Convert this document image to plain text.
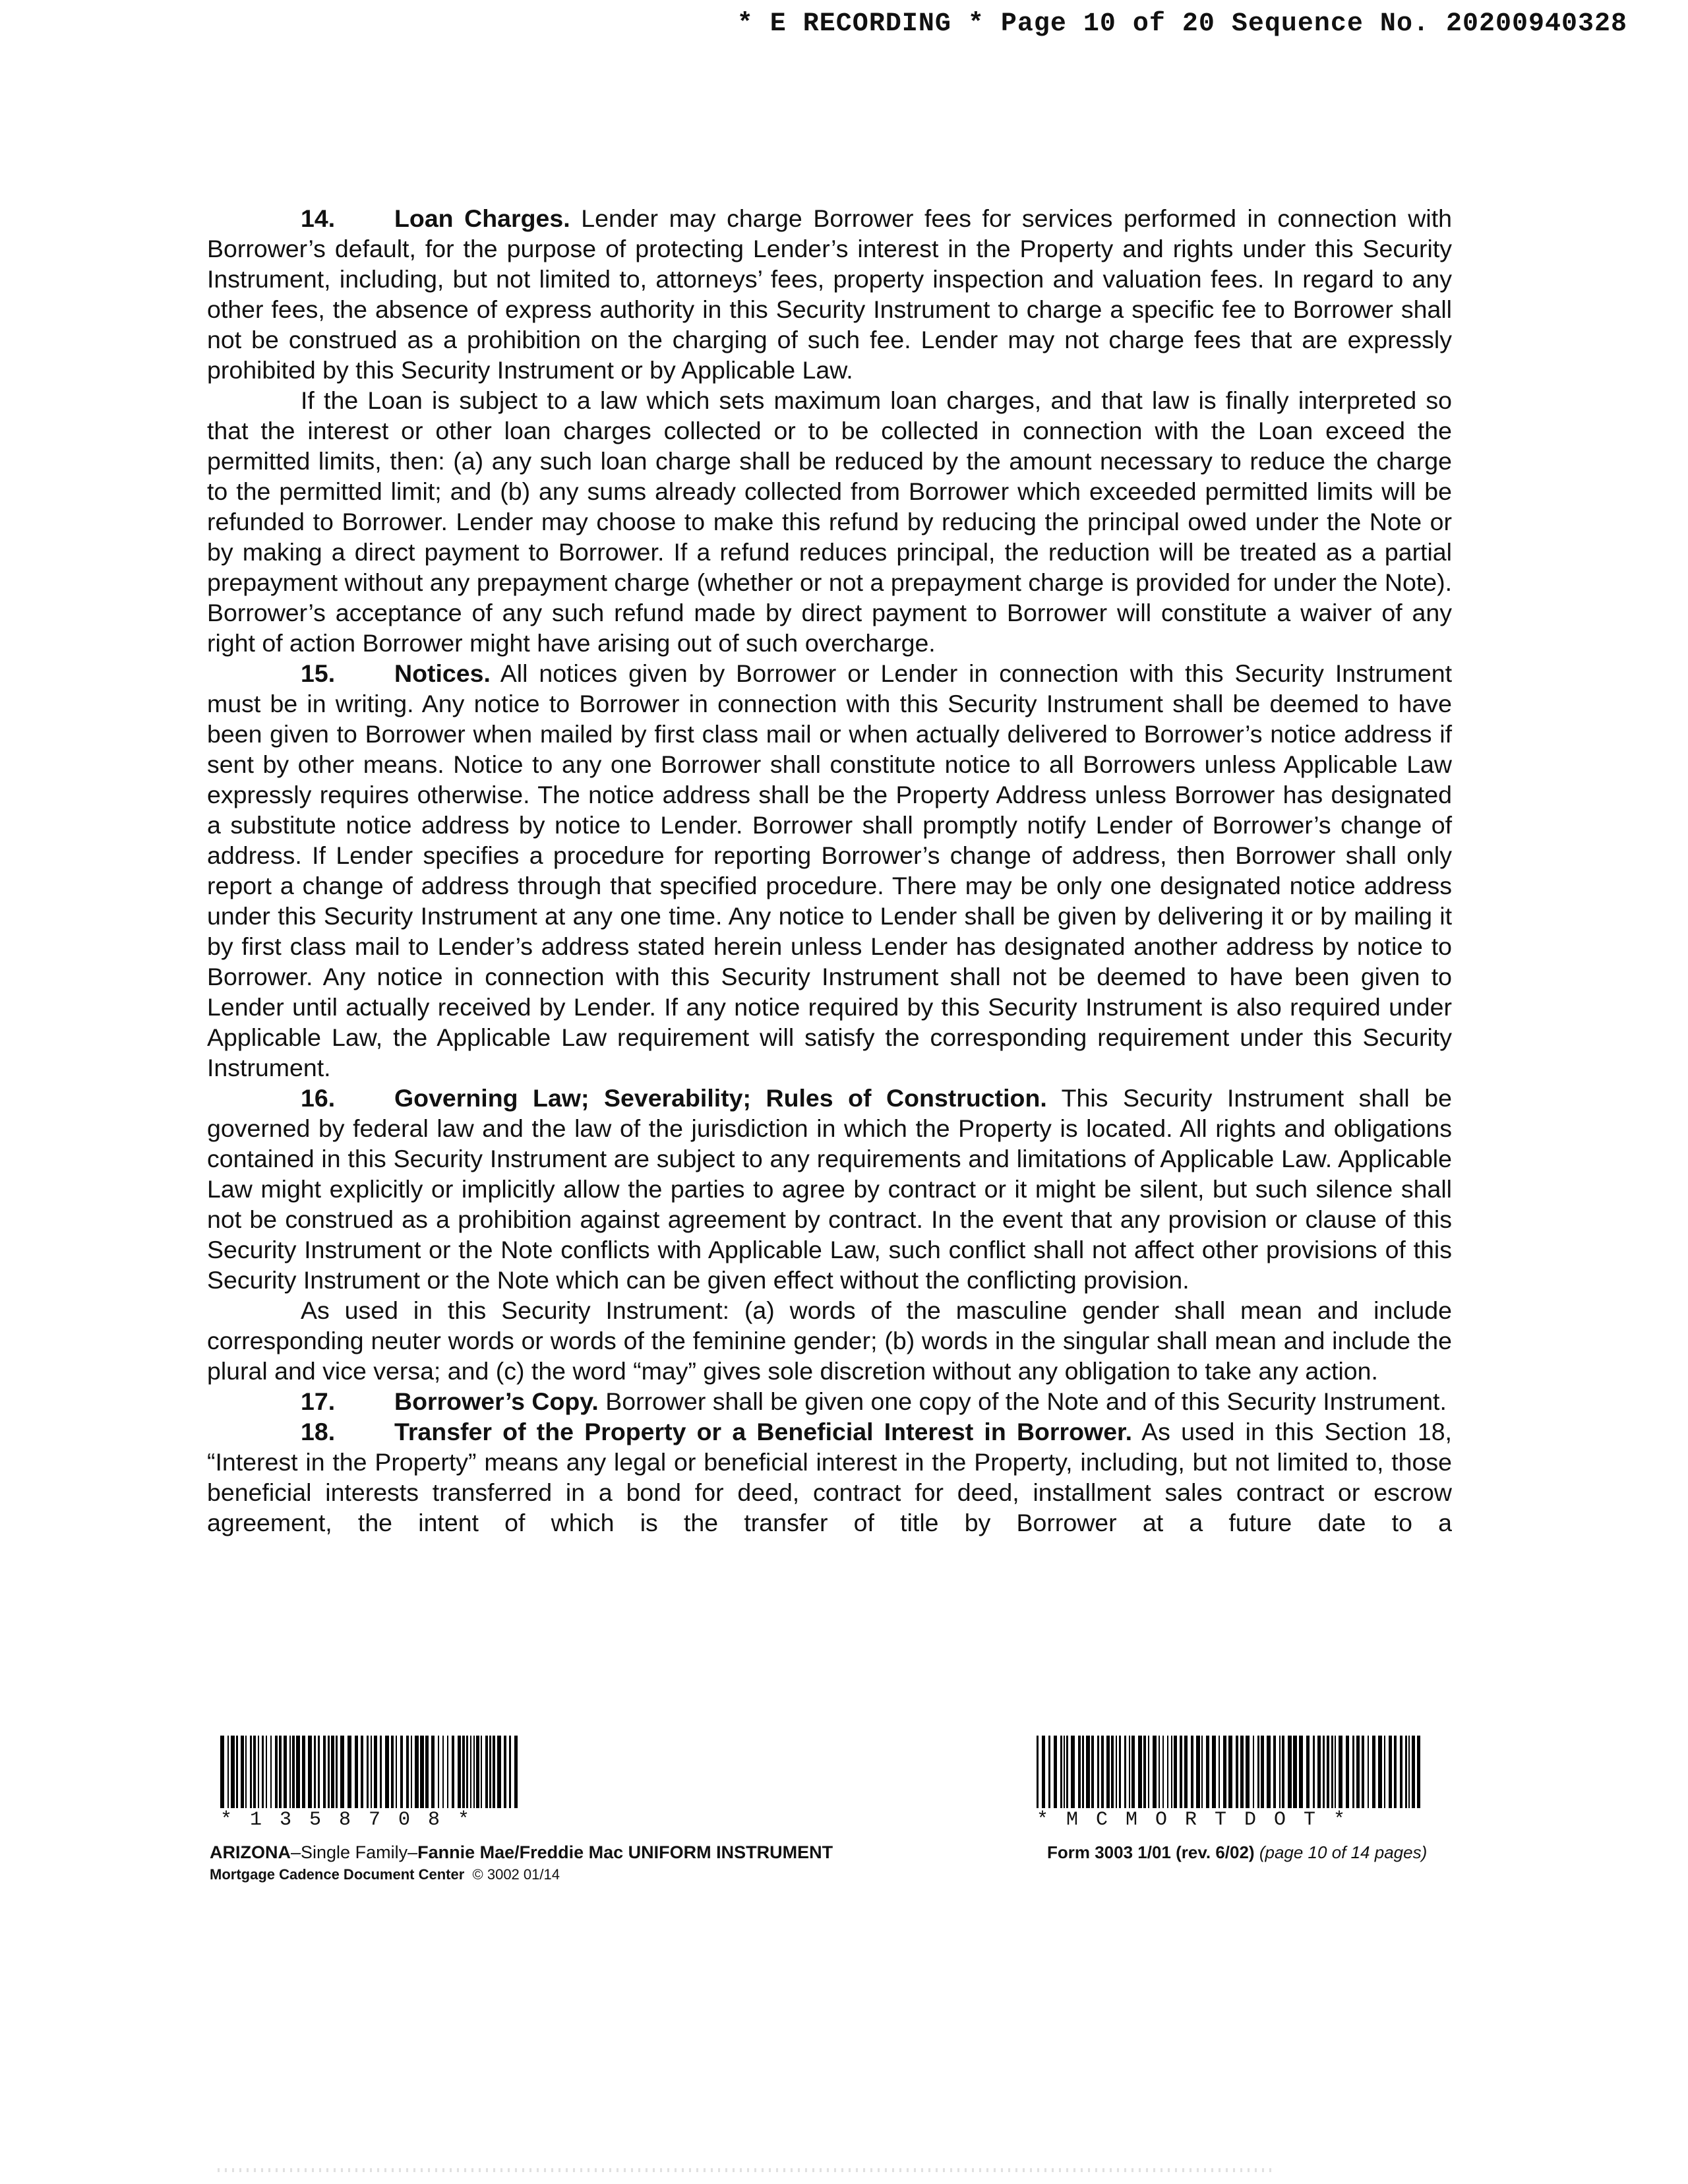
* E RECORDING * Page 10 of 20 Sequence No. 20200940328

14. Loan Charges. Lender may charge Borrower fees for services performed in connection with Borrower’s default, for the purpose of protecting Lender’s interest in the Property and rights under this Security Instrument, including, but not limited to, attorneys’ fees, property inspection and valuation fees. In regard to any other fees, the absence of express authority in this Security Instrument to charge a specific fee to Borrower shall not be construed as a prohibition on the charging of such fee. Lender may not charge fees that are expressly prohibited by this Security Instrument or by Applicable Law.

If the Loan is subject to a law which sets maximum loan charges, and that law is finally interpreted so that the interest or other loan charges collected or to be collected in connection with the Loan exceed the permitted limits, then: (a) any such loan charge shall be reduced by the amount necessary to reduce the charge to the permitted limit; and (b) any sums already collected from Borrower which exceeded permitted limits will be refunded to Borrower. Lender may choose to make this refund by reducing the principal owed under the Note or by making a direct payment to Borrower. If a refund reduces principal, the reduction will be treated as a partial prepayment without any prepayment charge (whether or not a prepayment charge is provided for under the Note). Borrower’s acceptance of any such refund made by direct payment to Borrower will constitute a waiver of any right of action Borrower might have arising out of such overcharge.

15. Notices. All notices given by Borrower or Lender in connection with this Security Instrument must be in writing. Any notice to Borrower in connection with this Security Instrument shall be deemed to have been given to Borrower when mailed by first class mail or when actually delivered to Borrower’s notice address if sent by other means. Notice to any one Borrower shall constitute notice to all Borrowers unless Applicable Law expressly requires otherwise. The notice address shall be the Property Address unless Borrower has designated a substitute notice address by notice to Lender. Borrower shall promptly notify Lender of Borrower’s change of address. If Lender specifies a procedure for reporting Borrower’s change of address, then Borrower shall only report a change of address through that specified procedure. There may be only one designated notice address under this Security Instrument at any one time. Any notice to Lender shall be given by delivering it or by mailing it by first class mail to Lender’s address stated herein unless Lender has designated another address by notice to Borrower. Any notice in connection with this Security Instrument shall not be deemed to have been given to Lender until actually received by Lender. If any notice required by this Security Instrument is also required under Applicable Law, the Applicable Law requirement will satisfy the corresponding requirement under this Security Instrument.

16. Governing Law; Severability; Rules of Construction. This Security Instrument shall be governed by federal law and the law of the jurisdiction in which the Property is located. All rights and obligations contained in this Security Instrument are subject to any requirements and limitations of Applicable Law. Applicable Law might explicitly or implicitly allow the parties to agree by contract or it might be silent, but such silence shall not be construed as a prohibition against agreement by contract. In the event that any provision or clause of this Security Instrument or the Note conflicts with Applicable Law, such conflict shall not affect other provisions of this Security Instrument or the Note which can be given effect without the conflicting provision.

As used in this Security Instrument: (a) words of the masculine gender shall mean and include corresponding neuter words or words of the feminine gender; (b) words in the singular shall mean and include the plural and vice versa; and (c) the word “may” gives sole discretion without any obligation to take any action.

17. Borrower’s Copy. Borrower shall be given one copy of the Note and of this Security Instrument.

18. Transfer of the Property or a Beneficial Interest in Borrower. As used in this Section 18, “Interest in the Property” means any legal or beneficial interest in the Property, including, but not limited to, those beneficial interests transferred in a bond for deed, contract for deed, installment sales contract or escrow agreement, the intent of which is the transfer of title by Borrower at a future date to a

*1358708*	*MCMORTDOT*
ARIZONA–Single Family–Fannie Mae/Freddie Mac UNIFORM INSTRUMENT
Mortgage Cadence Document Center © 3002 01/14
Form 3003 1/01 (rev. 6/02) (page 10 of 14 pages)
